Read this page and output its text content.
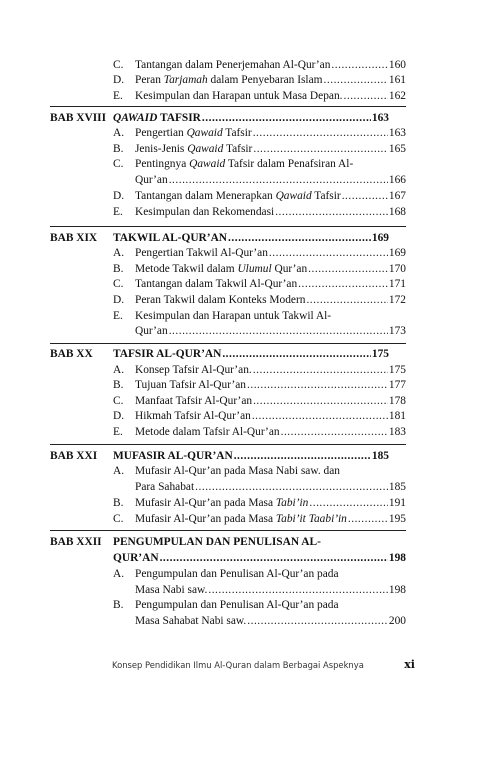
C.	Tantangan dalam Penerjemahan Al-Qur’an .....	160
D. Peran Tarjamah dalam Penyebaran Islam .....	161
E.	Kesimpulan dan Harapan untuk Masa Depan. .....	162
BAB XVIII QAWAID TAFSIR .....	163
A. Pengertian Qawaid Tafsir .....	163
B.	Jenis-Jenis Qawaid Tafsir .....	165
C.	Pentingnya Qawaid Tafsir dalam Penafsiran Al-
Qur’an .....	166
D. Tantangan dalam Menerapkan Qawaid Tafsir .....	167
E.	Kesimpulan dan Rekomendasi .....	168
BAB XIX	TAKWIL AL-QUR’AN .....	169
A. Pengertian Takwil Al-Qur’an .....	169
B.	Metode Takwil dalam Ulumul Qur’an .....	170
C.	Tantangan dalam Takwil Al-Qur’an .....	171
D. Peran Takwil dalam Konteks Modern .....	172
E.	Kesimpulan dan Harapan untuk Takwil Al-
Qur’an .....	173
BAB XX	TAFSIR AL-QUR’AN .....	175
A. Konsep Tafsir Al-Qur’an. .....	175
B.	Tujuan Tafsir Al-Qur’an .....	177
C.	Manfaat Tafsir Al-Qur’an .....	178
D. Hikmah Tafsir Al-Qur’an .....	181
E.	Metode dalam Tafsir Al-Qur’an .....	183
BAB XXI	MUFASIR AL-QUR’AN .....	185
A. Mufasir Al-Qur’an pada Masa Nabi saw. dan
Para Sahabat .....	185
B.	Mufasir Al-Qur’an pada Masa Tabi’in .....	191
C.	Mufasir Al-Qur’an pada Masa Tabi’it Taabi’in .....	195
BAB XXII	PENGUMPULAN DAN PENULISAN AL-
QUR’AN .....	198
A. Pengumpulan dan Penulisan Al-Qur’an pada
Masa Nabi saw. .....	198
B.	Pengumpulan dan Penulisan Al-Qur’an pada
Masa Sahabat Nabi saw. .....	200
Konsep Pendidikan Ilmu Al-Quran dalam Berbagai Aspeknya	xi
